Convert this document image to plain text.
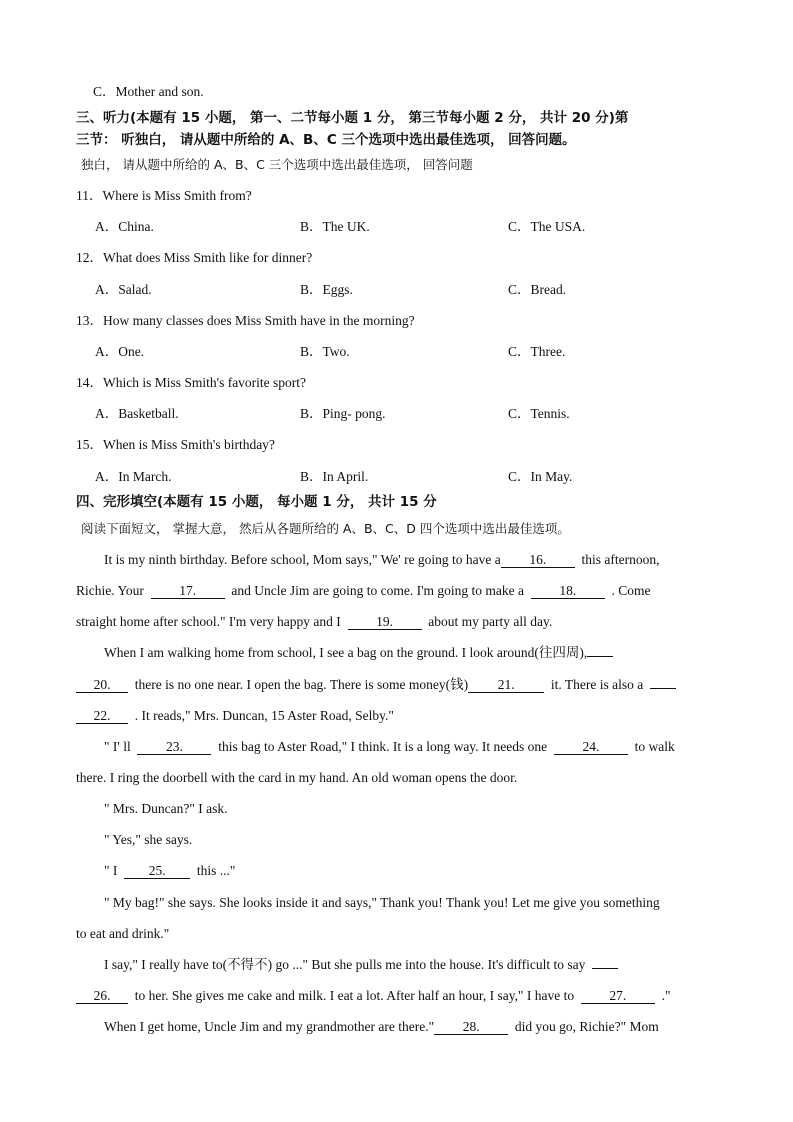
C．Mother and son.
三、听力(本题有 15 小题， 第一、二节每小题 1 分， 第三节每小题 2 分， 共计 20 分)第
三节： 听独白， 请从题中所给的 A、B、C 三个选项中选出最佳选项， 回答问题。
独白， 请从题中所给的 A、B、C 三个选项中选出最佳选项， 回答问题
11．Where is Miss Smith from?
A．China.	B．The UK.	C．The USA.
12．What does Miss Smith like for dinner?
A．Salad.	B．Eggs.	C．Bread.
13．How many classes does Miss Smith have in the morning?
A．One.	B．Two.	C．Three.
14．Which is Miss Smith's favorite sport?
A．Basketball.	B．Ping- pong.	C．Tennis.
15．When is Miss Smith's birthday?
A．In March.	B．In April.	C．In May.
四、完形填空(本题有 15 小题， 每小题 1 分， 共计 15 分
阅读下面短文， 掌握大意， 然后从各题所给的 A、B、C、D 四个选项中选出最佳选项。
It is my ninth birthday. Before school, Mom says," We' re going to have a 16.	this afternoon,
Richie. Your	17.	and Uncle Jim are going to come. I'm going to make a	18.	. Come
straight home after school." I'm very happy and I	19.	about my party all day.
When I am walking home from school, I see a bag on the ground. I look around(往四周),
20. there is no one near. I open the bag. There is some money(钱) 21.	it. There is also a
22. . It reads," Mrs. Duncan, 15 Aster Road, Selby."
" I' ll	23.	this bag to Aster Road," I think. It is a long way. It needs one	24.	to walk
there. I ring the doorbell with the card in my hand. An old woman opens the door.
" Mrs. Duncan?" I ask.
" Yes," she says.
" I 25. this ..."
" My bag!" she says. She looks inside it and says," Thank you! Thank you! Let me give you something
to eat and drink."
I say," I really have to(不得不) go ..." But she pulls me into the house. It's difficult to say
26. to her. She gives me cake and milk. I eat a lot. After half an hour, I say," I have to	27.	."
When I get home, Uncle Jim and my grandmother are there." 28.	did you go, Richie?" Mom
